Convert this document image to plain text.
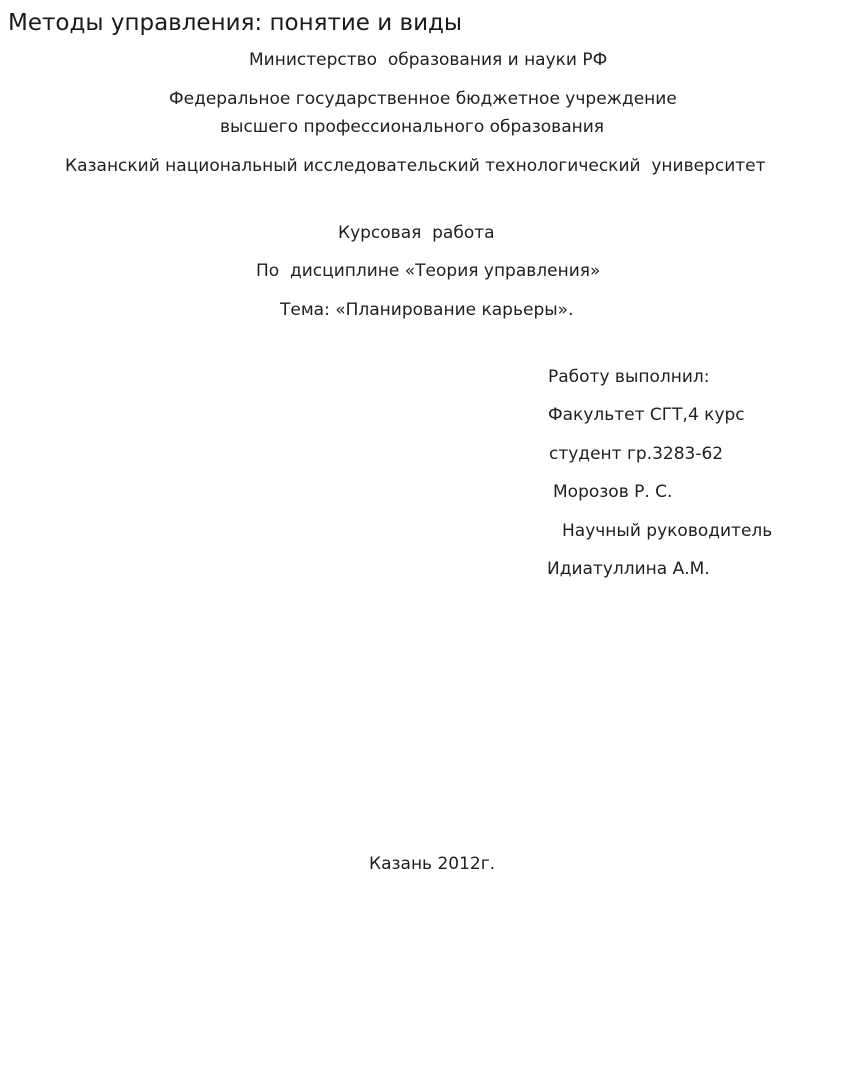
Методы управления: понятие и виды
Министерство  образования и науки РФ
Федеральное государственное бюджетное учреждение
высшего профессионального образования
Казанский национальный исследовательский технологический  университет
Курсовая  работа
По  дисциплине «Теория управления»
Тема: «Планирование карьеры».
Работу выполнил:
Факультет СГТ,4 курс
студент гр.3283-62
Морозов Р. С.
Научный руководитель
Идиатуллина А.М.
Казань 2012г.
